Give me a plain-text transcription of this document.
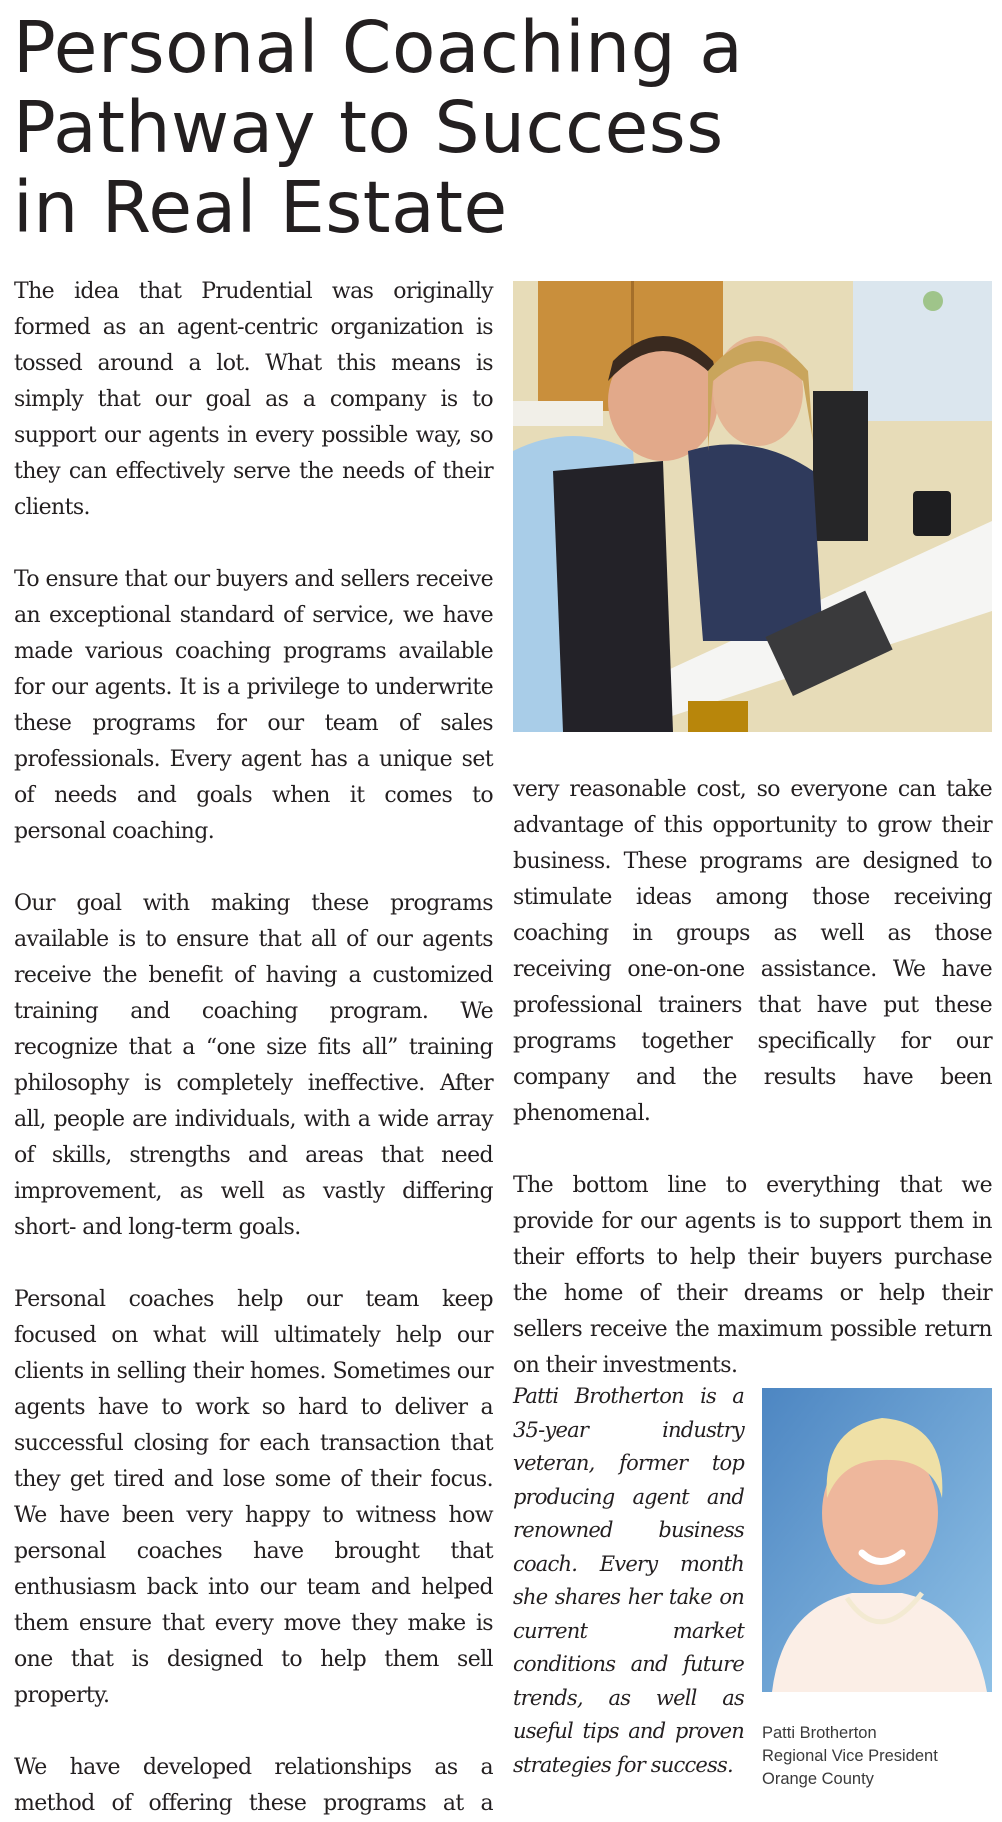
Personal Coaching a
Pathway to Success
in Real Estate

The idea that Prudential was originally formed as an agent-centric organization is tossed around a lot. What this means is simply that our goal as a company is to support our agents in every possible way, so they can effectively serve the needs of their clients.

To ensure that our buyers and sellers receive an exceptional standard of service, we have made various coaching programs available for our agents. It is a privilege to underwrite these programs for our team of sales professionals. Every agent has a unique set of needs and goals when it comes to personal coaching.

Our goal with making these programs available is to ensure that all of our agents receive the benefit of having a customized training and coaching program. We recognize that a “one size fits all” training philosophy is completely ineffective. After all, people are individuals, with a wide array of skills, strengths and areas that need improvement, as well as vastly differing short- and long-term goals.

Personal coaches help our team keep focused on what will ultimately help our clients in selling their homes. Sometimes our agents have to work so hard to deliver a successful closing for each transaction that they get tired and lose some of their focus. We have been very happy to witness how personal coaches have brought that enthusiasm back into our team and helped them ensure that every move they make is one that is designed to help them sell property.

We have developed relationships as a method of offering these programs at a

very reasonable cost, so everyone can take advantage of this opportunity to grow their business. These programs are designed to stimulate ideas among those receiving coaching in groups as well as those receiving one-on-one assistance. We have professional trainers that have put these programs together specifically for our company and the results have been phenomenal.

The bottom line to everything that we provide for our agents is to support them in their efforts to help their buyers purchase the home of their dreams or help their sellers receive the maximum possible return on their investments.

Patti Brotherton is a 35-year industry veteran, former top producing agent and renowned business coach. Every month she shares her take on current market conditions and future trends, as well as useful tips and proven strategies for success.

Patti Brotherton
Regional Vice President
Orange County
